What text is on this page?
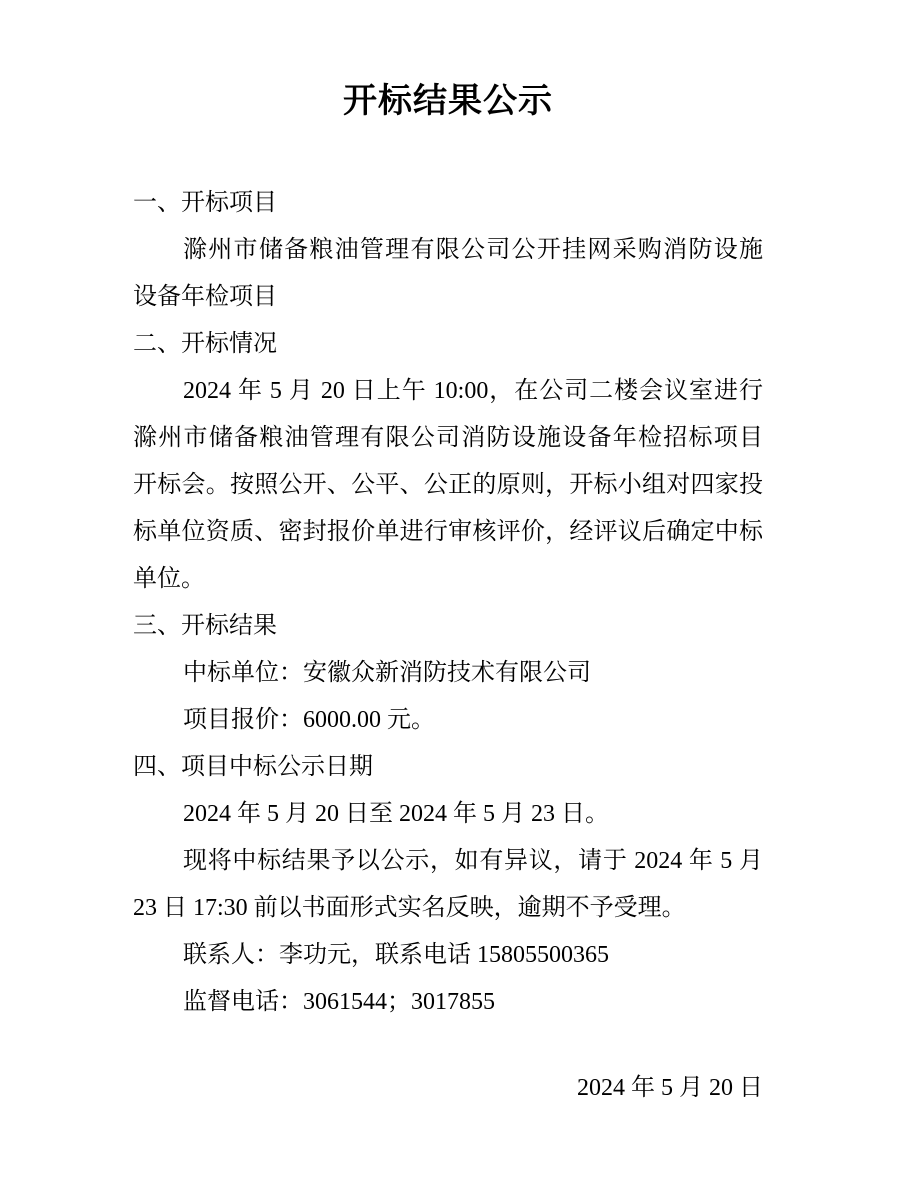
开标结果公示
一、开标项目
滁州市储备粮油管理有限公司公开挂网采购消防设施
设备年检项目
二、开标情况
2024 年 5 月 20 日上午 10:00，在公司二楼会议室进行
滁州市储备粮油管理有限公司消防设施设备年检招标项目
开标会。按照公开、公平、公正的原则，开标小组对四家投
标单位资质、密封报价单进行审核评价，经评议后确定中标
单位。
三、开标结果
中标单位：安徽众新消防技术有限公司
项目报价：6000.00 元。
四、项目中标公示日期
2024 年 5 月 20 日至 2024 年 5 月 23 日。
现将中标结果予以公示，如有异议，请于 2024 年 5 月
23 日 17:30 前以书面形式实名反映，逾期不予受理。
联系人：李功元，联系电话 15805500365
监督电话：3061544；3017855
2024 年 5 月 20 日
